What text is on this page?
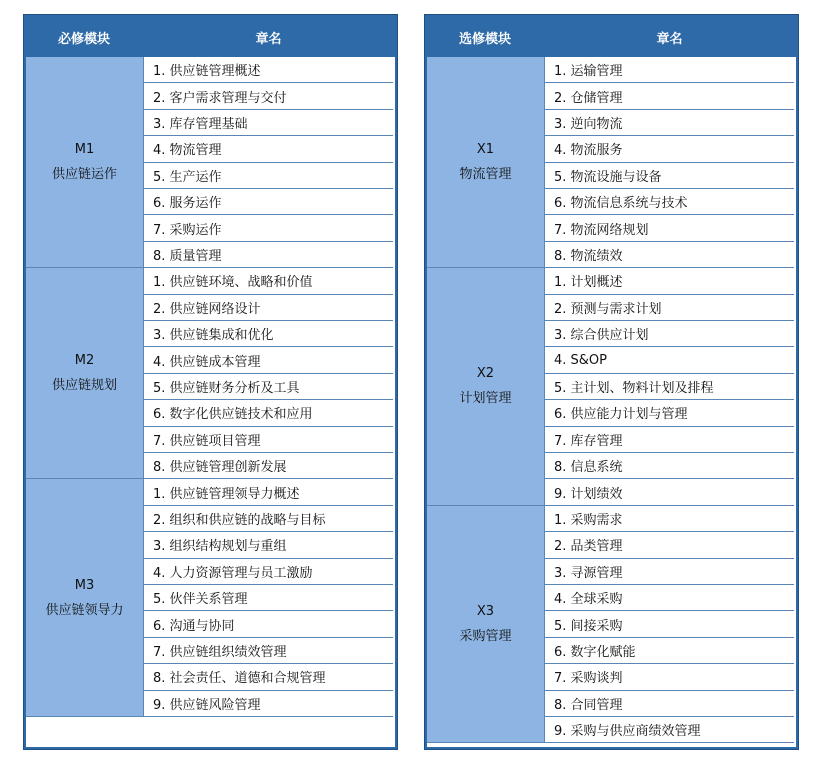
必修模块	章名
M1
供应链运作
1. 供应链管理概述
2. 客户需求管理与交付
3. 库存管理基础
4. 物流管理
5. 生产运作
6. 服务运作
7. 采购运作
8. 质量管理
M2
供应链规划
1. 供应链环境、战略和价值
2. 供应链网络设计
3. 供应链集成和优化
4. 供应链成本管理
5. 供应链财务分析及工具
6. 数字化供应链技术和应用
7. 供应链项目管理
8. 供应链管理创新发展
M3
供应链领导力
1. 供应链管理领导力概述
2. 组织和供应链的战略与目标
3. 组织结构规划与重组
4. 人力资源管理与员工激励
5. 伙伴关系管理
6. 沟通与协同
7. 供应链组织绩效管理
8. 社会责任、道德和合规管理
9. 供应链风险管理
选修模块	章名
X1
物流管理
1. 运输管理
2. 仓储管理
3. 逆向物流
4. 物流服务
5. 物流设施与设备
6. 物流信息系统与技术
7. 物流网络规划
8. 物流绩效
X2
计划管理
1. 计划概述
2. 预测与需求计划
3. 综合供应计划
4. S&OP
5. 主计划、物料计划及排程
6. 供应能力计划与管理
7. 库存管理
8. 信息系统
9. 计划绩效
X3
采购管理
1. 采购需求
2. 品类管理
3. 寻源管理
4. 全球采购
5. 间接采购
6. 数字化赋能
7. 采购谈判
8. 合同管理
9. 采购与供应商绩效管理
